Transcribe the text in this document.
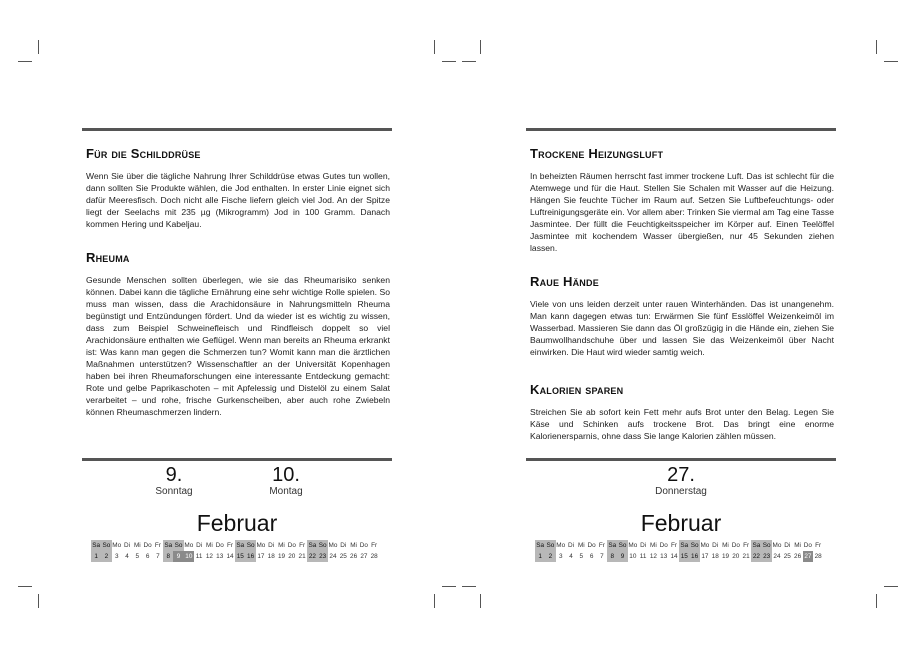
Für die Schilddrüse

Wenn Sie über die tägliche Nahrung Ihrer Schilddrüse etwas Gutes tun wollen, dann sollten Sie Produkte wählen, die Jod enthalten. In erster Linie eignet sich dafür Meeresfisch. Doch nicht alle Fische liefern gleich viel Jod. An der Spitze liegt der Seelachs mit 235 µg (Mikrogramm) Jod in 100 Gramm. Danach kommen Hering und Kabeljau.

Rheuma

Gesunde Menschen sollten überlegen, wie sie das Rheumarisiko senken können. Dabei kann die tägliche Ernährung eine sehr wichtige Rolle spielen. So muss man wissen, dass die Arachidonsäure in Nahrungsmitteln Rheuma begünstigt und Entzündungen fördert. Und da wieder ist es wichtig zu wissen, dass zum Beispiel Schweinefleisch und Rindfleisch doppelt so viel Arachidonsäure enthalten wie Geflügel. Wenn man bereits an Rheuma erkrankt ist: Was kann man gegen die Schmerzen tun? Womit kann man die ärztlichen Maßnahmen unterstützen? Wissenschaftler an der Universität Kopenhagen haben bei ihren Rheumaforschungen eine interessante Entdeckung gemacht: Rote und gelbe Paprikaschoten – mit Apfelessig und Distelöl zu einem Salat verarbeitet – und rohe, frische Gurkenscheiben, aber auch rohe Zwiebeln können Rheumaschmerzen lindern.

9.
Sonntag
10.
Montag
Februar
Sa	So	Mo	Di	Mi	Do	Fr	Sa	So	Mo	Di	Mi	Do	Fr	Sa	So	Mo	Di	Mi	Do	Fr	Sa	So	Mo	Di	Mi	Do	Fr
1	2	3	4	5	6	7	8	9	10	11	12	13	14	15	16	17	18	19	20	21	22	23	24	25	26	27	28
Trockene Heizungsluft

In beheizten Räumen herrscht fast immer trockene Luft. Das ist schlecht für die Atemwege und für die Haut. Stellen Sie Schalen mit Wasser auf die Heizung. Hängen Sie feuchte Tücher im Raum auf. Setzen Sie Luftbefeuchtungs- oder Luftreinigungsgeräte ein. Vor allem aber: Trinken Sie viermal am Tag eine Tasse Jasmintee. Der füllt die Feuchtigkeitsspeicher im Körper auf. Einen Teelöffel Jasmintee mit kochendem Wasser übergießen, nur 45 Sekunden ziehen lassen.

Raue Hände

Viele von uns leiden derzeit unter rauen Winterhänden. Das ist unangenehm. Man kann dagegen etwas tun: Erwärmen Sie fünf Esslöffel Weizenkeimöl im Wasserbad. Massieren Sie dann das Öl großzügig in die Hände ein, ziehen Sie Baumwollhandschuhe über und lassen Sie das Weizenkeimöl über Nacht einwirken. Die Haut wird wieder samtig weich.

Kalorien sparen

Streichen Sie ab sofort kein Fett mehr aufs Brot unter den Belag. Legen Sie Käse und Schinken aufs trockene Brot. Das bringt eine enorme Kalorienersparnis, ohne dass Sie lange Kalorien zählen müssen.

27.
Donnerstag
Februar
Sa	So	Mo	Di	Mi	Do	Fr	Sa	So	Mo	Di	Mi	Do	Fr	Sa	So	Mo	Di	Mi	Do	Fr	Sa	So	Mo	Di	Mi	Do	Fr
1	2	3	4	5	6	7	8	9	10	11	12	13	14	15	16	17	18	19	20	21	22	23	24	25	26	27	28
